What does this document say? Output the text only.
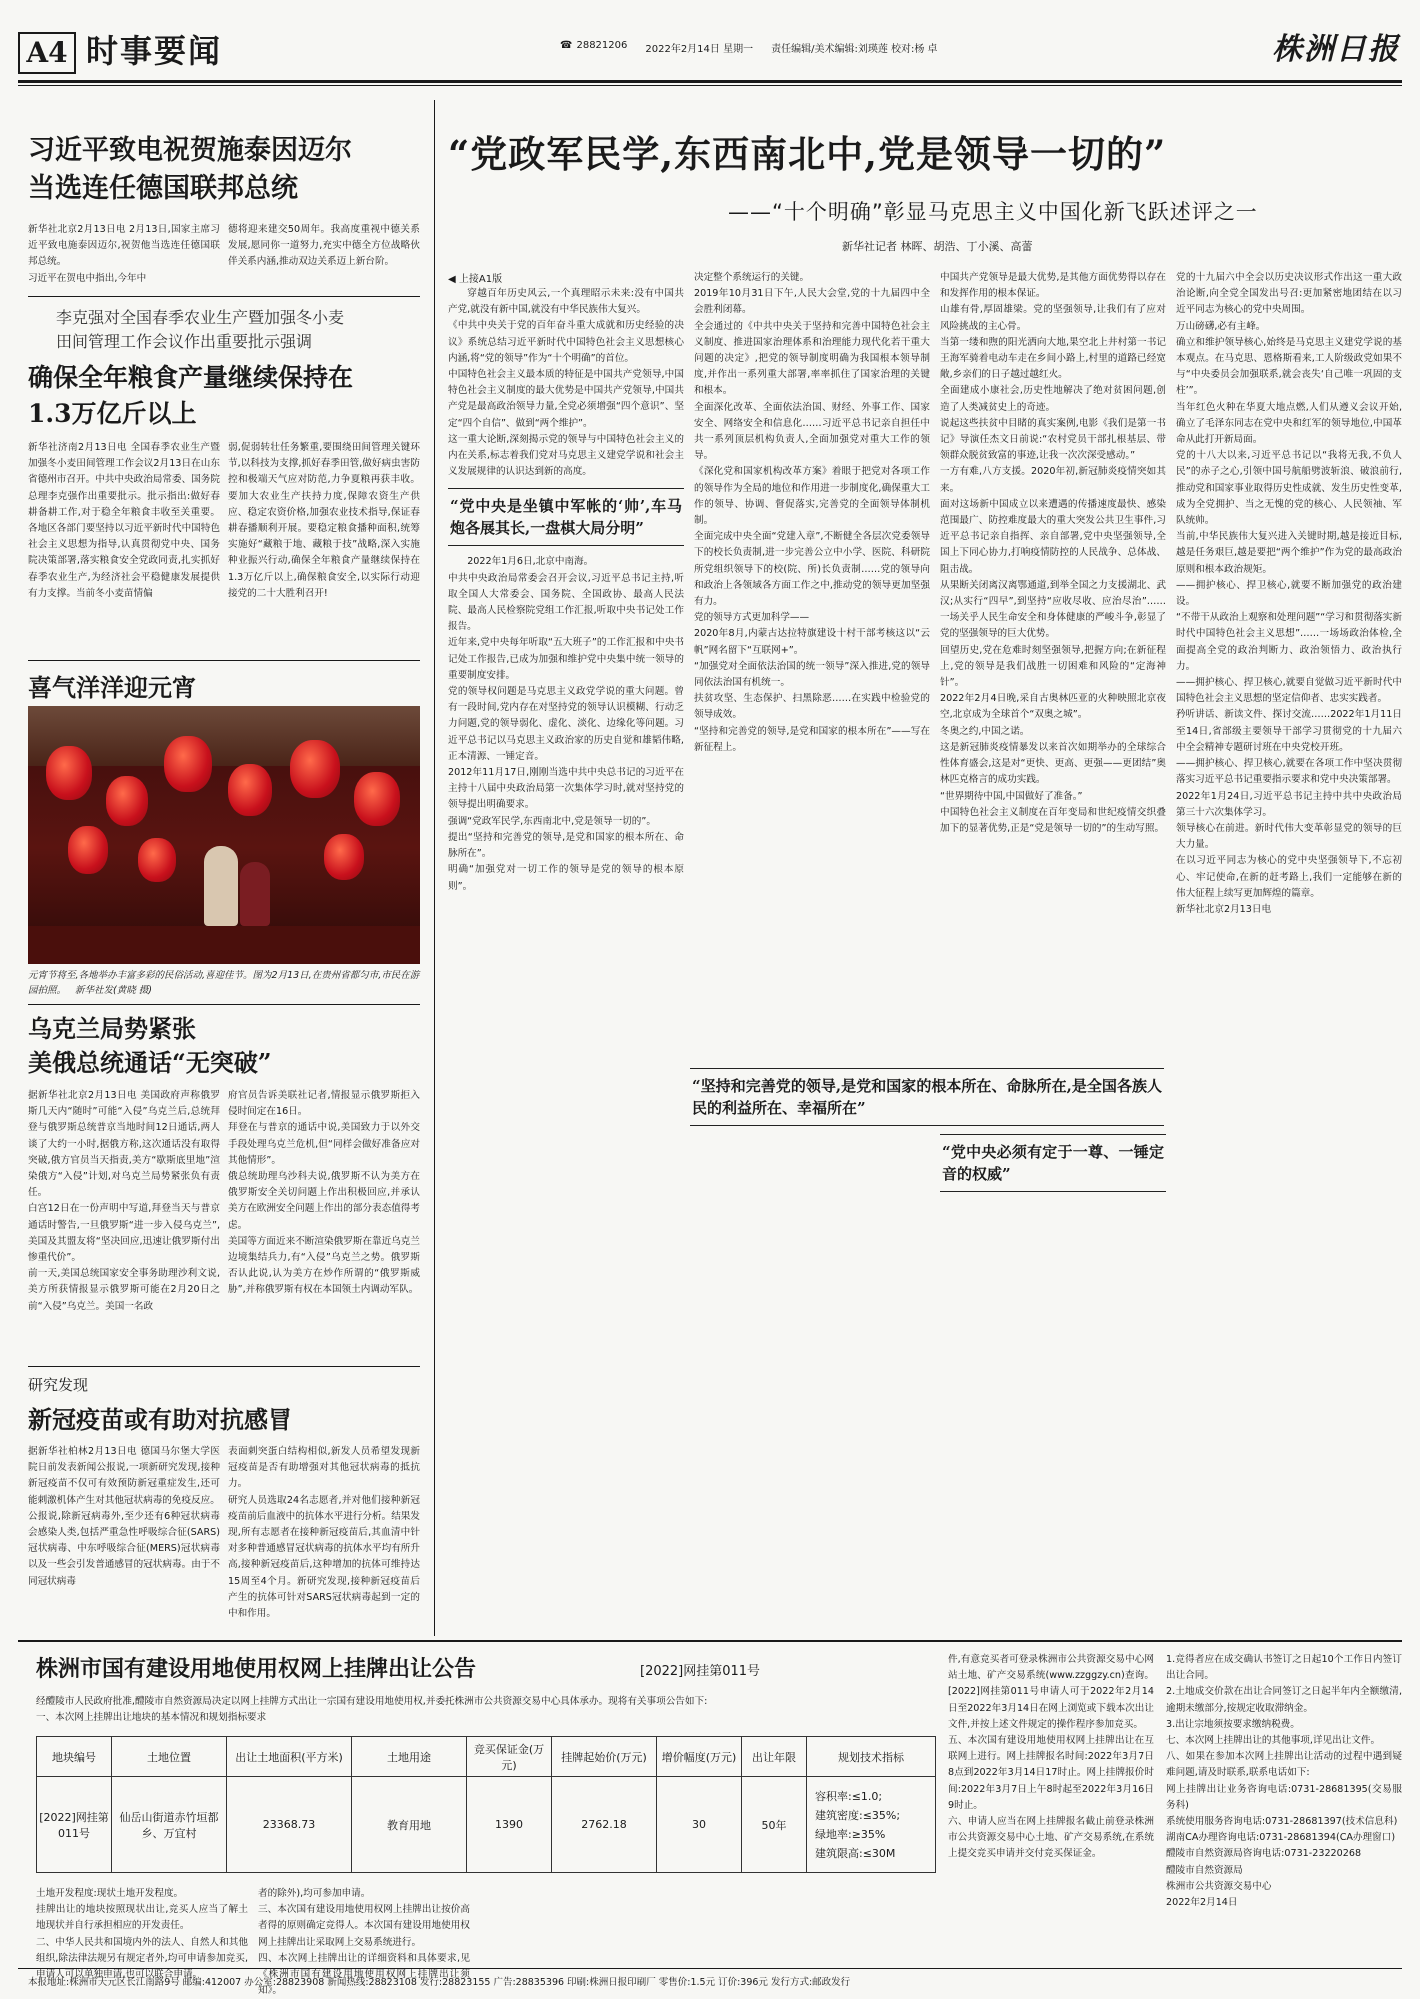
A4 时事要闻	☎ 28821206 2022年2月14日 星期一 责任编辑/美术编辑:刘瑛莲 校对:杨 卓	株洲日报
习近平致电祝贺施泰因迈尔
当选连任德国联邦总统
新华社北京2月13日电 2月13日,国家主席习近平致电施泰因迈尔,祝贺他当选连任德国联邦总统。
习近平在贺电中指出,今年中
德将迎来建交50周年。我高度重视中德关系发展,愿同你一道努力,充实中德全方位战略伙伴关系内涵,推动双边关系迈上新台阶。
李克强对全国春季农业生产暨加强冬小麦
田间管理工作会议作出重要批示强调
确保全年粮食产量继续保持在
1.3万亿斤以上
新华社济南2月13日电 全国春季农业生产暨加强冬小麦田间管理工作会议2月13日在山东省德州市召开。中共中央政治局常委、国务院总理李克强作出重要批示。批示指出:做好春耕备耕工作,对于稳全年粮食丰收至关重要。各地区各部门要坚持以习近平新时代中国特色社会主义思想为指导,认真贯彻党中央、国务院决策部署,落实粮食安全党政同责,扎实抓好春季农业生产,为经济社会平稳健康发展提供有力支撑。当前冬小麦苗情偏
弱,促弱转壮任务繁重,要围绕田间管理关键环节,以科技为支撑,抓好春季田管,做好病虫害防控和极端天气应对防范,力争夏粮再获丰收。要加大农业生产扶持力度,保障农资生产供应、稳定农资价格,加强农业技术指导,保证春耕春播顺利开展。要稳定粮食播种面积,统筹实施好“藏粮于地、藏粮于技”战略,深入实施种业振兴行动,确保全年粮食产量继续保持在1.3万亿斤以上,确保粮食安全,以实际行动迎接党的二十大胜利召开!
喜气洋洋迎元宵
元宵节将至,各地举办丰富多彩的民俗活动,喜迎佳节。图为2月13日,在贵州省都匀市,市民在游园拍照。 新华社发(黄晓 摄)
乌克兰局势紧张
美俄总统通话“无突破”
据新华社北京2月13日电 美国政府声称俄罗斯几天内“随时”可能“入侵”乌克兰后,总统拜登与俄罗斯总统普京当地时间12日通话,两人谈了大约一小时,据俄方称,这次通话没有取得突破,俄方官员当天指责,美方“歇斯底里地”渲染俄方“入侵”计划,对乌克兰局势紧张负有责任。
白宫12日在一份声明中写道,拜登当天与普京通话时警告,一旦俄罗斯“进一步入侵乌克兰”,美国及其盟友将“坚决回应,迅速让俄罗斯付出惨重代价”。
前一天,美国总统国家安全事务助理沙利文说,美方所获情报显示俄罗斯可能在2月20日之前“入侵”乌克兰。美国一名政
府官员告诉美联社记者,情报显示俄罗斯拒入侵时间定在16日。
拜登在与普京的通话中说,美国致力于以外交手段处理乌克兰危机,但“同样会做好准备应对其他情形”。
俄总统助理乌沙科夫说,俄罗斯不认为美方在俄罗斯安全关切问题上作出积极回应,并承认美方在欧洲安全问题上作出的部分表态值得考虑。
美国等方面近来不断渲染俄罗斯在靠近乌克兰边境集结兵力,有“入侵”乌克兰之势。俄罗斯否认此说,认为美方在炒作所谓的“俄罗斯威胁”,并称俄罗斯有权在本国领土内调动军队。
研究发现
新冠疫苗或有助对抗感冒
据新华社柏林2月13日电 德国马尔堡大学医院日前发表新闻公报说,一项新研究发现,接种新冠疫苗不仅可有效预防新冠重症发生,还可能刺激机体产生对其他冠状病毒的免疫反应。
公报说,除新冠病毒外,至少还有6种冠状病毒会感染人类,包括严重急性呼吸综合征(SARS)冠状病毒、中东呼吸综合征(MERS)冠状病毒以及一些会引发普通感冒的冠状病毒。由于不同冠状病毒
表面刺突蛋白结构相似,新发人员希望发现新冠疫苗是否有助增强对其他冠状病毒的抵抗力。
研究人员选取24名志愿者,并对他们接种新冠疫苗前后血液中的抗体水平进行分析。结果发现,所有志愿者在接种新冠疫苗后,其血清中针对多种普通感冒冠状病毒的抗体水平均有所升高,接种新冠疫苗后,这种增加的抗体可维持达15周至4个月。新研究发现,接种新冠疫苗后产生的抗体可针对SARS冠状病毒起到一定的中和作用。
“党政军民学,东西南北中,党是领导一切的”
——“十个明确”彰显马克思主义中国化新飞跃述评之一
新华社记者 林晖、胡浩、丁小溪、高蕾
◀ 上接A1版
穿越百年历史风云,一个真理昭示未来:没有中国共产党,就没有新中国,就没有中华民族伟大复兴。
《中共中央关于党的百年奋斗重大成就和历史经验的决议》系统总结习近平新时代中国特色社会主义思想核心内涵,将“党的领导”作为“十个明确”的首位。
中国特色社会主义最本质的特征是中国共产党领导,中国特色社会主义制度的最大优势是中国共产党领导,中国共产党是最高政治领导力量,全党必须增强“四个意识”、坚定“四个自信”、做到“两个维护”。
这一重大论断,深刻揭示党的领导与中国特色社会主义的内在关系,标志着我们党对马克思主义建党学说和社会主义发展规律的认识达到新的高度。
“党中央是坐镇中军帐的‘帅’,车马炮各展其长,一盘棋大局分明”
2022年1月6日,北京中南海。
中共中央政治局常委会召开会议,习近平总书记主持,听取全国人大常委会、国务院、全国政协、最高人民法院、最高人民检察院党组工作汇报,听取中央书记处工作报告。
近年来,党中央每年听取“五大班子”的工作汇报和中央书记处工作报告,已成为加强和维护党中央集中统一领导的重要制度安排。
党的领导权问题是马克思主义政党学说的重大问题。曾有一段时间,党内存在对坚持党的领导认识模糊、行动乏力问题,党的领导弱化、虚化、淡化、边缘化等问题。习近平总书记以马克思主义政治家的历史自觉和雄韬伟略,正本清源、一锤定音。
2012年11月17日,刚刚当选中共中央总书记的习近平在主持十八届中央政治局第一次集体学习时,就对坚持党的领导提出明确要求。
强调“党政军民学,东西南北中,党是领导一切的”。
提出“坚持和完善党的领导,是党和国家的根本所在、命脉所在”。
明确“加强党对一切工作的领导是党的领导的根本原则”。
决定整个系统运行的关键。
2019年10月31日下午,人民大会堂,党的十九届四中全会胜利闭幕。
全会通过的《中共中央关于坚持和完善中国特色社会主义制度、推进国家治理体系和治理能力现代化若干重大问题的决定》,把党的领导制度明确为我国根本领导制度,并作出一系列重大部署,率率抓住了国家治理的关键和根本。
全面深化改革、全面依法治国、财经、外事工作、国家安全、网络安全和信息化……习近平总书记亲自担任中共一系列顶层机构负责人,全面加强党对重大工作的领导。
《深化党和国家机构改革方案》着眼于把党对各项工作的领导作为全局的地位和作用进一步制度化,确保重大工作的领导、协调、督促落实,完善党的全面领导体制机制。
全面完成中央全面“党建入章”,不断健全各层次党委领导下的校长负责制,进一步完善公立中小学、医院、科研院所党组织领导下的校(院、所)长负责制……党的领导向和政治上各领域各方面工作之中,推动党的领导更加坚强有力。
党的领导方式更加科学——
2020年8月,内蒙古达拉特旗建设十村干部考核这以“云帆”网名留下“互联网+”。
“加强党对全面依法治国的统一领导”深入推进,党的领导同依法治国有机统一。
扶贫攻坚、生态保护、扫黑除恶……在实践中检验党的领导成效。
“坚持和完善党的领导,是党和国家的根本所在”——写在新征程上。
中国共产党领导是最大优势,是其他方面优势得以存在和发挥作用的根本保证。
山雄有骨,厚固雄梁。党的坚强领导,让我们有了应对风险挑战的主心骨。
当第一缕和煦的阳光洒向大地,果空北上井村第一书记王海军骑着电动车走在乡间小路上,村里的道路已经宽敞,乡亲们的日子越过越红火。
全面建成小康社会,历史性地解决了绝对贫困问题,创造了人类减贫史上的奇迹。
说起这些扶贫中目睹的真实案例,电影《我们是第一书记》导演任杰文日前说:“农村党员干部扎根基层、带领群众脱贫致富的事迹,让我一次次深受感动。”
一方有难,八方支援。2020年初,新冠肺炎疫情突如其来。
面对这场新中国成立以来遭遇的传播速度最快、感染范围最广、防控难度最大的重大突发公共卫生事件,习近平总书记亲自指挥、亲自部署,党中央坚强领导,全国上下同心协力,打响疫情防控的人民战争、总体战、阻击战。
从果断关闭离汉离鄂通道,到举全国之力支援湖北、武汉;从实行“四早”,到坚持“应收尽收、应治尽治”……一场关乎人民生命安全和身体健康的严峻斗争,彰显了党的坚强领导的巨大优势。
回望历史,党在危难时刻坚强领导,把握方向;在新征程上,党的领导是我们战胜一切困难和风险的“定海神针”。
2022年2月4日晚,采自古奥林匹亚的火种映照北京夜空,北京成为全球首个“双奥之城”。
冬奥之约,中国之诺。
这是新冠肺炎疫情暴发以来首次如期举办的全球综合性体育盛会,这是对“更快、更高、更强——更团结”奥林匹克格言的成功实践。
“世界期待中国,中国做好了准备。”
中国特色社会主义制度在百年变局和世纪疫情交织叠加下的显著优势,正是“党是领导一切的”的生动写照。
“坚持和完善党的领导,是党和国家的根本所在、命脉所在,是全国各族人民的利益所在、幸福所在”
“党中央必须有定于一尊、一锤定音的权威”
党的十九届六中全会以历史决议形式作出这一重大政治论断,向全党全国发出号召:更加紧密地团结在以习近平同志为核心的党中央周围。
万山磅礴,必有主峰。
确立和维护领导核心,始终是马克思主义建党学说的基本观点。在马克思、恩格斯看来,工人阶级政党如果不与“中央委员会加强联系,就会丧失‘自己唯一巩固的支柱’”。
当年红色火种在华夏大地点燃,人们从遵义会议开始,确立了毛泽东同志在党中央和红军的领导地位,中国革命从此打开新局面。
党的十八大以来,习近平总书记以“我将无我,不负人民”的赤子之心,引领中国号航船劈波斩浪、破浪前行,推动党和国家事业取得历史性成就、发生历史性变革,成为全党拥护、当之无愧的党的核心、人民领袖、军队统帅。
当前,中华民族伟大复兴进入关键时期,越是接近目标,越是任务艰巨,越是要把“两个维护”作为党的最高政治原则和根本政治规矩。
——拥护核心、捍卫核心,就要不断加强党的政治建设。
“不带干从政治上观察和处理问题”“学习和贯彻落实新时代中国特色社会主义思想”……一场场政治体检,全面提高全党的政治判断力、政治领悟力、政治执行力。
——拥护核心、捍卫核心,就要自觉做习近平新时代中国特色社会主义思想的坚定信仰者、忠实实践者。
矜听讲话、新读文件、探讨交流……2022年1月11日至14日,省部级主要领导干部学习贯彻党的十九届六中全会精神专题研讨班在中央党校开班。
——拥护核心、捍卫核心,就要在各项工作中坚决贯彻落实习近平总书记重要指示要求和党中央决策部署。
2022年1月24日,习近平总书记主持中共中央政治局第三十六次集体学习。
领导核心在前进。新时代伟大变革彰显党的领导的巨大力量。
在以习近平同志为核心的党中央坚强领导下,不忘初心、牢记使命,在新的赶考路上,我们一定能够在新的伟大征程上续写更加辉煌的篇章。
新华社北京2月13日电
株洲市国有建设用地使用权网上挂牌出让公告	[2022]网挂第011号
经醴陵市人民政府批准,醴陵市自然资源局决定以网上挂牌方式出让一宗国有建设用地使用权,并委托株洲市公共资源交易中心具体承办。现将有关事项公告如下:
一、本次网上挂牌出让地块的基本情况和规划指标要求
地块编号	土地位置	出让土地面积(平方米)	土地用途	竞买保证金(万元)	挂牌起始价(万元)	增价幅度(万元)	出让年限	规划技术指标
[2022]网挂第011号	仙岳山街道赤竹垣都乡、万宜村	23368.73	教育用地	1390	2762.18	30	50年	容积率:≤1.0;
建筑密度:≤35%;
绿地率:≥35%
建筑限高:≤30M
土地开发程度:现状土地开发程度。
挂牌出让的地块按照现状出让,竞买人应当了解土地现状并自行承担相应的开发责任。
二、中华人民共和国境内外的法人、自然人和其他组织,除法律法规另有规定者外,均可申请参加竞买,申请人可以单独申请,也可以联合申请。
者的除外),均可参加申请。
三、本次国有建设用地使用权网上挂牌出让按价高者得的原则确定竞得人。本次国有建设用地使用权网上挂牌出让采取网上交易系统进行。
四、本次网上挂牌出让的详细资料和具体要求,见《株洲市国有建设用地使用权网上挂牌出让须知》。
件,有意竞买者可登录株洲市公共资源交易中心网站土地、矿产交易系统(www.zzggzy.cn)查询。[2022]网挂第011号申请人可于2022年2月14日至2022年3月14日在网上浏览或下载本次出让文件,并按上述文件规定的操作程序参加竞买。
五、本次国有建设用地使用权网上挂牌出让在互联网上进行。网上挂牌报名时间:2022年3月7日8点到2022年3月14日17时止。网上挂牌报价时间:2022年3月7日上午8时起至2022年3月16日9时止。
六、申请人应当在网上挂牌报名截止前登录株洲市公共资源交易中心土地、矿产交易系统,在系统上提交竞买申请并交付竞买保证金。
1.竞得者应在成交确认书签订之日起10个工作日内签订出让合同。
2.土地成交价款在出让合同签订之日起半年内全额缴清,逾期未缴部分,按规定收取滞纳金。
3.出让宗地须按要求缴纳税费。
七、本次网上挂牌出让的其他事项,详见出让文件。
八、如果在参加本次网上挂牌出让活动的过程中遇到疑难问题,请及时联系,联系电话如下:
网上挂牌出让业务咨询电话:0731-28681395(交易服务科)
系统使用服务咨询电话:0731-28681397(技术信息科)
湖南CA办理咨询电话:0731-28681394(CA办理窗口)
醴陵市自然资源局咨询电话:0731-23220268
醴陵市自然资源局
株洲市公共资源交易中心
2022年2月14日
本报地址:株洲市天元区长江南路9号 邮编:412007 办公室:28823908 新闻热线:28823108 发行:28823155 广告:28835396 印刷:株洲日报印刷厂 零售价:1.5元 订价:396元 发行方式:邮政发行
